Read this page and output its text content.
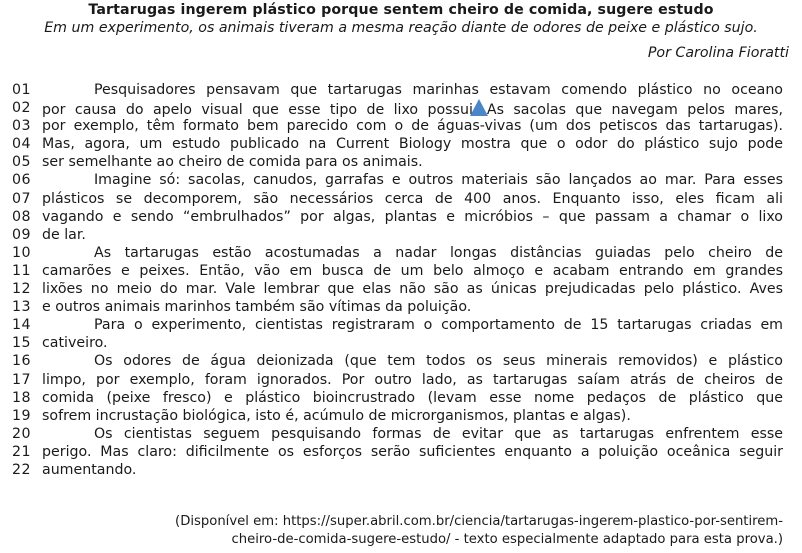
Tartarugas ingerem plástico porque sentem cheiro de comida, sugere estudo
Em um experimento, os animais tiveram a mesma reação diante de odores de peixe e plástico sujo.
Por Carolina Fioratti
01	Pesquisadores pensavam que tartarugas marinhas estavam comendo plástico no oceano
02 por causa do apelo visual que esse tipo de lixo possui As sacolas que navegam pelos mares,
03 por exemplo, têm formato bem parecido com o de águas-vivas (um dos petiscos das tartarugas).
04 Mas, agora, um estudo publicado na Current Biology mostra que o odor do plástico sujo pode
05 ser semelhante ao cheiro de comida para os animais.
06	Imagine só: sacolas, canudos, garrafas e outros materiais são lançados ao mar. Para esses
07 plásticos se decomporem, são necessários cerca de 400 anos. Enquanto isso, eles ficam ali
08 vagando e sendo “embrulhados” por algas, plantas e micróbios – que passam a chamar o lixo
09 de lar.
10	As tartarugas estão acostumadas a nadar longas distâncias guiadas pelo cheiro de
11 camarões e peixes. Então, vão em busca de um belo almoço e acabam entrando em grandes
12 lixões no meio do mar. Vale lembrar que elas não são as únicas prejudicadas pelo plástico. Aves
13 e outros animais marinhos também são vítimas da poluição.
14	Para o experimento, cientistas registraram o comportamento de 15 tartarugas criadas em
15 cativeiro.
16	Os odores de água deionizada (que tem todos os seus minerais removidos) e plástico
17 limpo, por exemplo, foram ignorados. Por outro lado, as tartarugas saíam atrás de cheiros de
18 comida (peixe fresco) e plástico bioincrustrado (levam esse nome pedaços de plástico que
19 sofrem incrustação biológica, isto é, acúmulo de microrganismos, plantas e algas).
20	Os cientistas seguem pesquisando formas de evitar que as tartarugas enfrentem esse
21 perigo. Mas claro: dificilmente os esforços serão suficientes enquanto a poluição oceânica seguir
22 aumentando.
(Disponível em: https://super.abril.com.br/ciencia/tartarugas-ingerem-plastico-por-sentirem-
cheiro-de-comida-sugere-estudo/ - texto especialmente adaptado para esta prova.)
